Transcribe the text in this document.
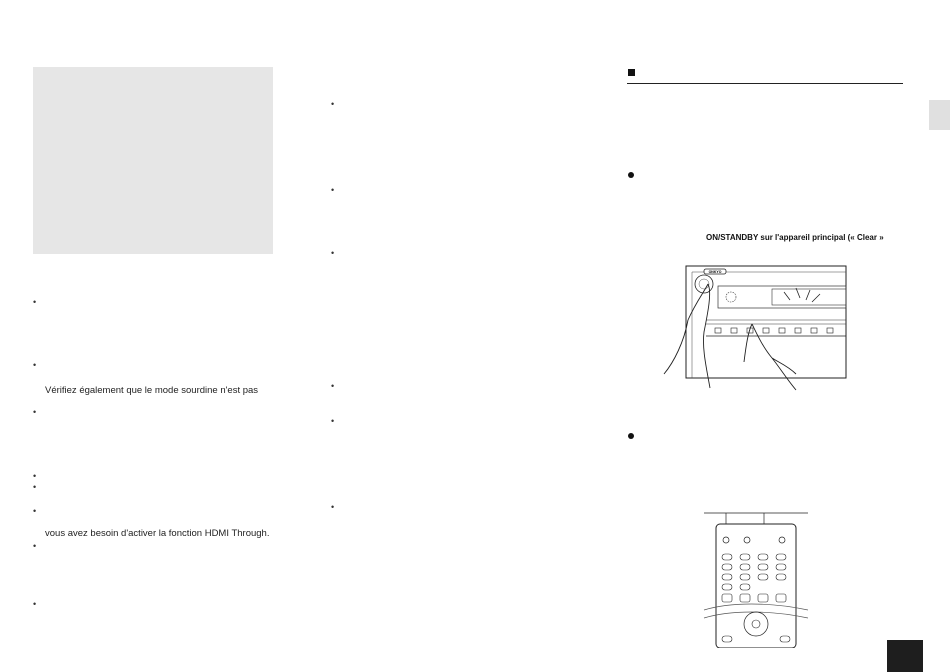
•
•
Vérifiez également que le mode sourdine n'est pas
•
•
•
•
vous avez besoin d'activer la fonction HDMI Through.
•
•
•
•
•
•
•
•
ON/STANDBY sur l'appareil principal (« Clear »
ONKYO
